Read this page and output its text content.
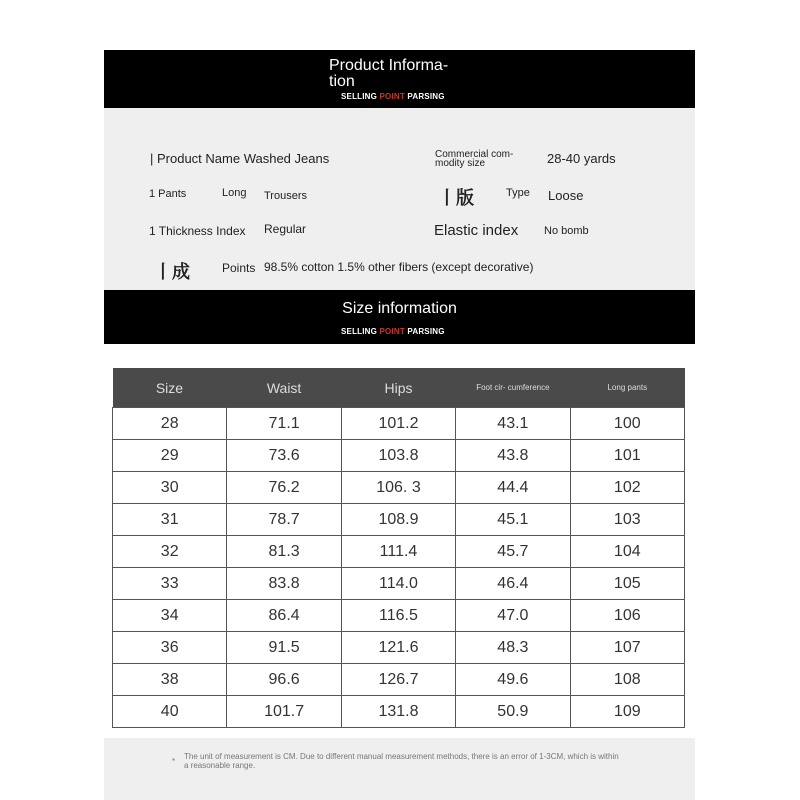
Product Informa- tion
SELLING POINT PARSING
| Product Name Washed Jeans	Commercial com- modity size	28-40 yards
1 Pants	Long Trousers	丨版	Type Loose
1 Thickness Index Regular	Elastic index No bomb
丨成	Points 98.5% cotton 1.5% other fibers (except decorative)
Size information
SELLING POINT PARSING
Size	Waist	Hips	Foot cir- cumference	Long pants
28	71.1	101.2	43.1	100
29	73.6	103.8	43.8	101
30	76.2	106. 3	44.4	102
31	78.7	108.9	45.1	103
32	81.3	111.4	45.7	104
33	83.8	114.0	46.4	105
34	86.4	116.5	47.0	106
36	91.5	121.6	48.3	107
38	96.6	126.7	49.6	108
40	101.7	131.8	50.9	109
*
The unit of measurement is CM. Due to different manual measurement methods, there is an error of 1-3CM, which is within a reasonable range.
